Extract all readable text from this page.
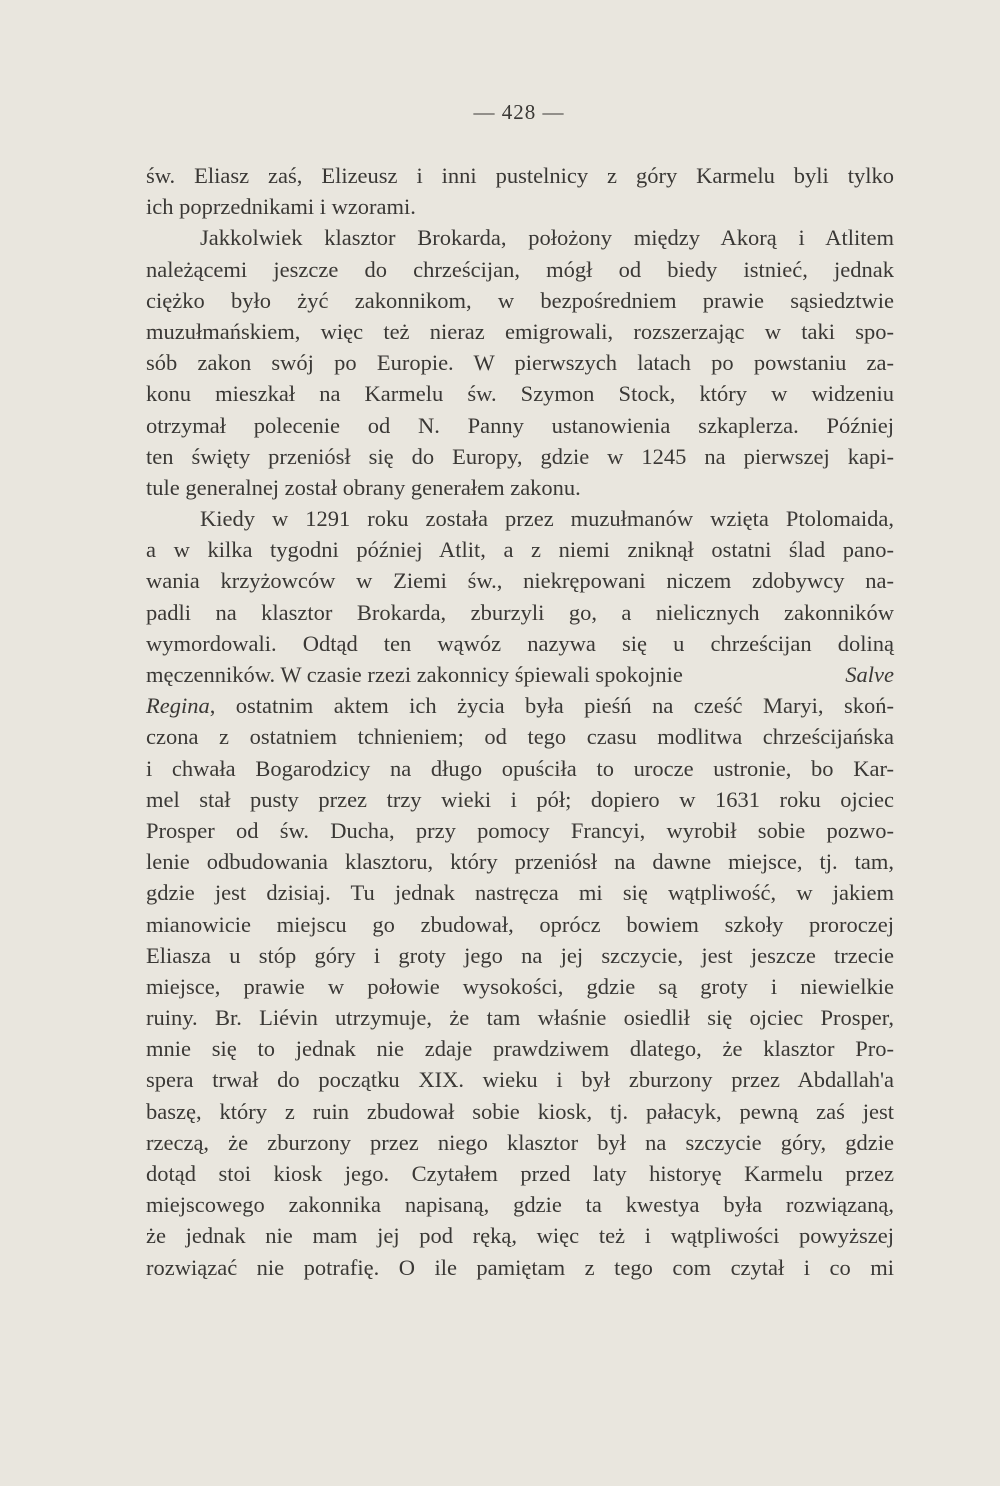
— 428 —
św. Eliasz zaś, Elizeusz i inni pustelnicy z góry Karmelu byli tylko
ich poprzednikami i wzorami.
Jakkolwiek klasztor Brokarda, położony między Akorą i Atlitem
należącemi jeszcze do chrześcijan, mógł od biedy istnieć, jednak
ciężko było żyć zakonnikom, w bezpośredniem prawie sąsiedztwie
muzułmańskiem, więc też nieraz emigrowali, rozszerzając w taki spo-
sób zakon swój po Europie. W pierwszych latach po powstaniu za-
konu mieszkał na Karmelu św. Szymon Stock, który w widzeniu
otrzymał polecenie od N. Panny ustanowienia szkaplerza. Później
ten święty przeniósł się do Europy, gdzie w 1245 na pierwszej kapi-
tule generalnej został obrany generałem zakonu.
Kiedy w 1291 roku została przez muzułmanów wzięta Ptolomaida,
a w kilka tygodni później Atlit, a z niemi zniknął ostatni ślad pano-
wania krzyżowców w Ziemi św., niekrępowani niczem zdobywcy na-
padli na klasztor Brokarda, zburzyli go, a nielicznych zakonników
wymordowali. Odtąd ten wąwóz nazywa się u chrześcijan doliną
męczenników. W czasie rzezi zakonnicy śpiewali spokojnie	Salve
Regina, ostatnim aktem ich życia była pieśń na cześć Maryi, skoń-
czona z ostatniem tchnieniem; od tego czasu modlitwa chrześcijańska
i chwała Bogarodzicy na długo opuściła to urocze ustronie, bo Kar-
mel stał pusty przez trzy wieki i pół; dopiero w 1631 roku ojciec
Prosper od św. Ducha, przy pomocy Francyi, wyrobił sobie pozwo-
lenie odbudowania klasztoru, który przeniósł na dawne miejsce, tj. tam,
gdzie jest dzisiaj. Tu jednak nastręcza mi się wątpliwość, w jakiem
mianowicie miejscu go zbudował, oprócz bowiem szkoły proroczej
Eliasza u stóp góry i groty jego na jej szczycie, jest jeszcze trzecie
miejsce, prawie w połowie wysokości, gdzie są groty i niewielkie
ruiny. Br. Liévin utrzymuje, że tam właśnie osiedlił się ojciec Prosper,
mnie się to jednak nie zdaje prawdziwem dlatego, że klasztor Pro-
spera trwał do początku XIX. wieku i był zburzony przez Abdallah'a
baszę, który z ruin zbudował sobie kiosk, tj. pałacyk, pewną zaś jest
rzeczą, że zburzony przez niego klasztor był na szczycie góry, gdzie
dotąd stoi kiosk jego. Czytałem przed laty historyę Karmelu przez
miejscowego zakonnika napisaną, gdzie ta kwestya była rozwiązaną,
że jednak nie mam jej pod ręką, więc też i wątpliwości powyższej
rozwiązać nie potrafię. O ile pamiętam z tego com czytał i co mi
